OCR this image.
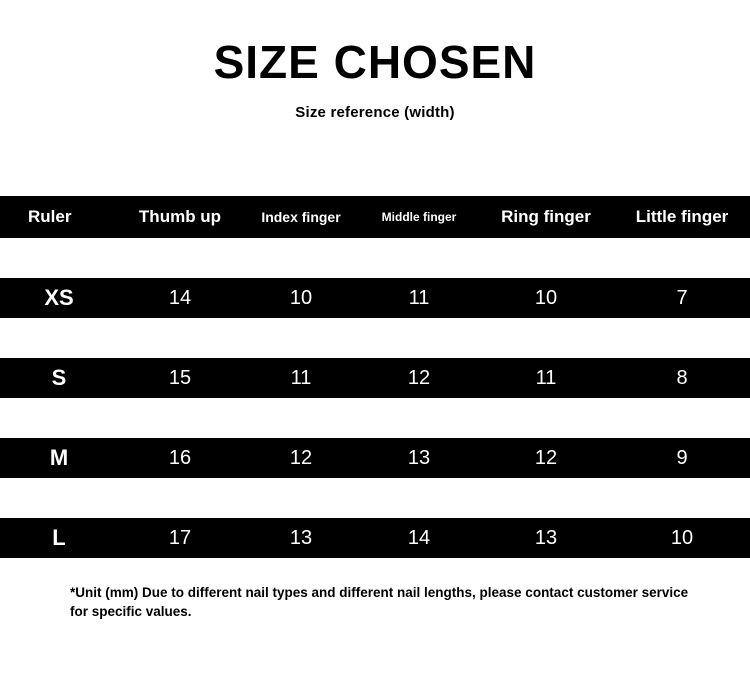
SIZE CHOSEN

Size reference (width)

Ruler	Thumb up	Index finger	Middle finger	Ring finger	Little finger
XS	14	10	11	10	7
S	15	11	12	11	8
M	16	12	13	12	9
L	17	13	14	13	10
*Unit (mm) Due to different nail types and different nail lengths, please contact customer service for specific values.
